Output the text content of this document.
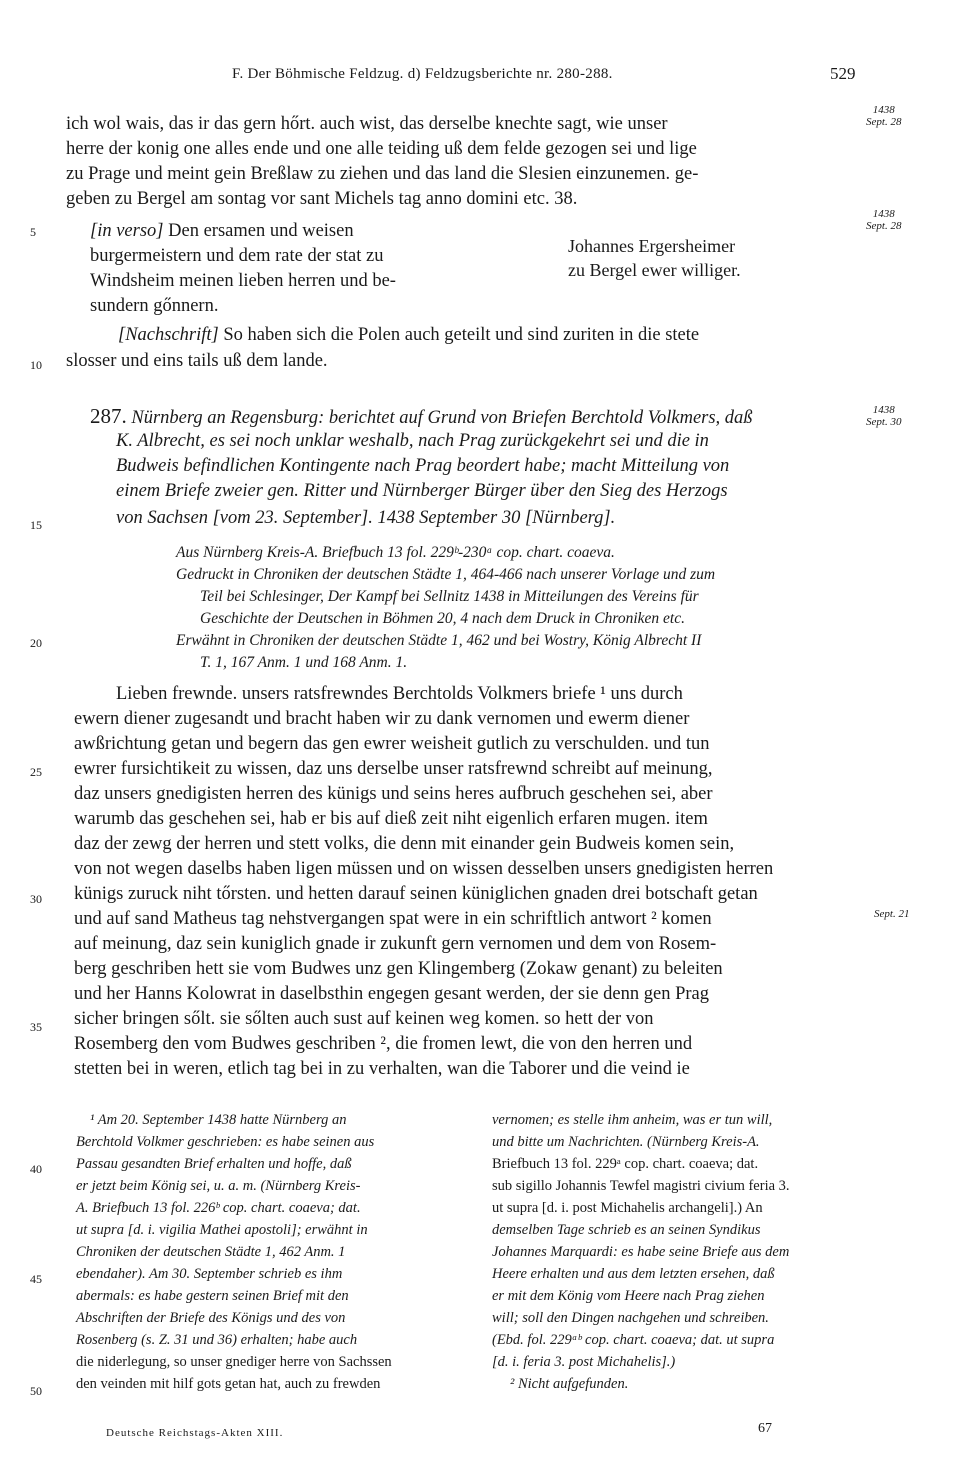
F. Der Böhmische Feldzug. d) Feldzugsberichte nr. 280-288.	529
1438
Sept. 28
1438
Sept. 28
1438
Sept. 30
Sept. 21
5
10
15
20
25
30
35
40
45
50
ich wol wais, das ir das gern hőrt. auch wist, das derselbe knechte sagt, wie unser
herre der konig one alles ende und one alle teiding uß dem felde gezogen sei und lige
zu Prage und meint gein Breßlaw zu ziehen und das land die Slesien einzunemen. ge-
geben zu Bergel am sontag vor sant Michels tag anno domini etc. 38.
[in verso] Den ersamen und weisen
burgermeistern und dem rate der stat zu
Windsheim meinen lieben herren und be-
sundern gőnnern.
Johannes Ergersheimer
zu Bergel ewer williger.
[Nachschrift] So haben sich die Polen auch geteilt und sind zuriten in die stete
slosser und eins tails uß dem lande.
287. Nürnberg an Regensburg: berichtet auf Grund von Briefen Berchtold Volkmers, daß
K. Albrecht, es sei noch unklar weshalb, nach Prag zurückgekehrt sei und die in
Budweis befindlichen Kontingente nach Prag beordert habe; macht Mitteilung von
einem Briefe zweier gen. Ritter und Nürnberger Bürger über den Sieg des Herzogs
von Sachsen [vom 23. September]. 1438 September 30 [Nürnberg].
Aus Nürnberg Kreis-A. Briefbuch 13 fol. 229ᵇ-230ᵃ cop. chart. coaeva.
Gedruckt in Chroniken der deutschen Städte 1, 464-466 nach unserer Vorlage und zum
Teil bei Schlesinger, Der Kampf bei Sellnitz 1438 in Mitteilungen des Vereins für
Geschichte der Deutschen in Böhmen 20, 4 nach dem Druck in Chroniken etc.
Erwähnt in Chroniken der deutschen Städte 1, 462 und bei Wostry, König Albrecht II
T. 1, 167 Anm. 1 und 168 Anm. 1.
Lieben frewnde. unsers ratsfrewndes Berchtolds Volkmers briefe ¹ uns durch
ewern diener zugesandt und bracht haben wir zu dank vernomen und ewerm diener
awßrichtung getan und begern das gen ewrer weisheit gutlich zu verschulden. und tun
ewrer fursichtikeit zu wissen, daz uns derselbe unser ratsfrewnd schreibt auf meinung,
daz unsers gnedigisten herren des künigs und seins heres aufbruch geschehen sei, aber
warumb das geschehen sei, hab er bis auf dieß zeit niht eigenlich erfaren mugen. item
daz der zewg der herren und stett volks, die denn mit einander gein Budweis komen sein,
von not wegen daselbs haben ligen müssen und on wissen desselben unsers gnedigisten herren
künigs zuruck niht tőrsten. und hetten darauf seinen küniglichen gnaden drei botschaft getan
und auf sand Matheus tag nehstvergangen spat were in ein schriftlich antwort ² komen
auf meinung, daz sein kuniglich gnade ir zukunft gern vernomen und dem von Rosem-
berg geschriben hett sie vom Budwes unz gen Klingemberg (Zokaw genant) zu beleiten
und her Hanns Kolowrat in daselbsthin engegen gesant werden, der sie denn gen Prag
sicher bringen sőlt. sie sőlten auch sust auf keinen weg komen. so hett der von
Rosemberg den vom Budwes geschriben ², die fromen lewt, die von den herren und
stetten bei in weren, etlich tag bei in zu verhalten, wan die Taborer und die veind ie
¹ Am 20. September 1438 hatte Nürnberg an
Berchtold Volkmer geschrieben: es habe seinen aus
Passau gesandten Brief erhalten und hoffe, daß
er jetzt beim König sei, u. a. m. (Nürnberg Kreis-
A. Briefbuch 13 fol. 226ᵇ cop. chart. coaeva; dat.
ut supra [d. i. vigilia Mathei apostoli]; erwähnt in
Chroniken der deutschen Städte 1, 462 Anm. 1
ebendaher). Am 30. September schrieb es ihm
abermals: es habe gestern seinen Brief mit den
Abschriften der Briefe des Königs und des von
Rosenberg (s. Z. 31 und 36) erhalten; habe auch
die niderlegung, so unser gnediger herre von Sachssen
den veinden mit hilf gots getan hat, auch zu frewden
vernomen; es stelle ihm anheim, was er tun will,
und bitte um Nachrichten. (Nürnberg Kreis-A.
Briefbuch 13 fol. 229ᵃ cop. chart. coaeva; dat.
sub sigillo Johannis Tewfel magistri civium feria 3.
ut supra [d. i. post Michahelis archangeli].) An
demselben Tage schrieb es an seinen Syndikus
Johannes Marquardi: es habe seine Briefe aus dem
Heere erhalten und aus dem letzten ersehen, daß
er mit dem König vom Heere nach Prag ziehen
will; soll den Dingen nachgehen und schreiben.
(Ebd. fol. 229ᵃᵇ cop. chart. coaeva; dat. ut supra
[d. i. feria 3. post Michahelis].)
² Nicht aufgefunden.
Deutsche Reichstags-Akten XIII.	67
